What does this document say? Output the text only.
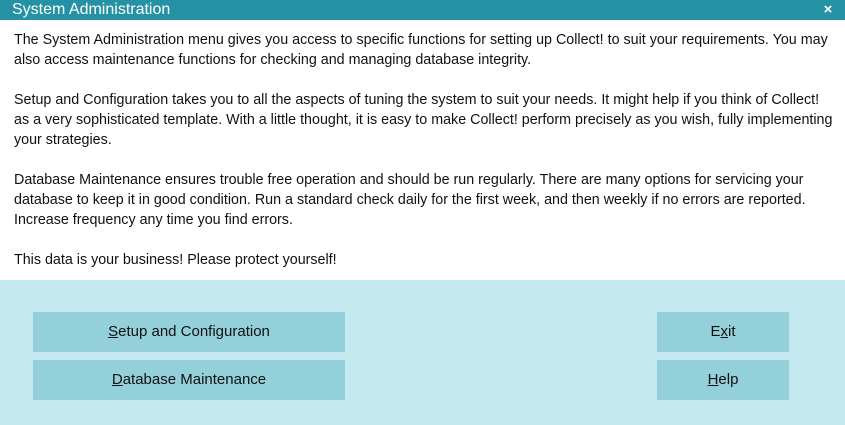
System Administration	×

The System Administration menu gives you access to specific functions for setting up Collect! to suit your requirements. You may also access maintenance functions for checking and managing database integrity.

Setup and Configuration takes you to all the aspects of tuning the system to suit your needs. It might help if you think of Collect! as a very sophisticated template. With a little thought, it is easy to make Collect! perform precisely as you wish, fully implementing your strategies.

Database Maintenance ensures trouble free operation and should be run regularly. There are many options for servicing your database to keep it in good condition. Run a standard check daily for the first week, and then weekly if no errors are reported. Increase frequency any time you find errors.

This data is your business! Please protect yourself!

Setup and Configuration
Database Maintenance
Exit
Help
